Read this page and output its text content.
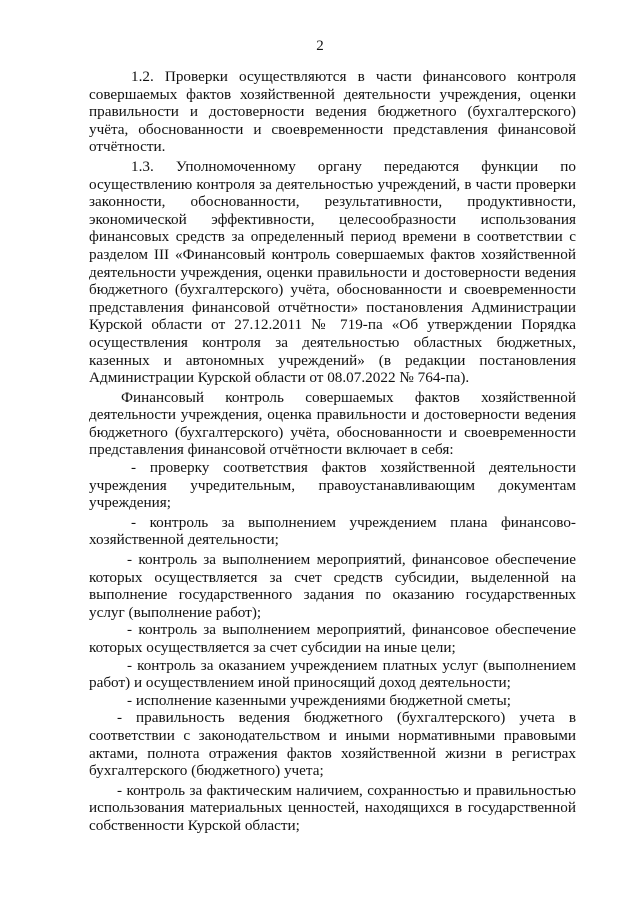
2

1.2. Проверки осуществляются в части финансового контроля совершаемых фактов хозяйственной деятельности учреждения, оценки правильности и достоверности ведения бюджетного (бухгалтерского) учёта, обоснованности и своевременности представления финансовой отчётности.

1.3. Уполномоченному органу передаются функции по осуществлению контроля за деятельностью учреждений, в части проверки законности, обоснованности, результативности, продуктивности, экономической эффективности, целесообразности использования финансовых средств за определенный период времени в соответствии с разделом III «Финансовый контроль совершаемых фактов хозяйственной деятельности учреждения, оценки правильности и достоверности ведения бюджетного (бухгалтерского) учёта, обоснованности и своевременности представления финансовой отчётности» постановления Администрации Курской области от 27.12.2011 № 719-па «Об утверждении Порядка осуществления контроля за деятельностью областных бюджетных, казенных и автономных учреждений» (в редакции постановления Администрации Курской области от 08.07.2022 № 764-па).

Финансовый контроль совершаемых фактов хозяйственной деятельности учреждения, оценка правильности и достоверности ведения бюджетного (бухгалтерского) учёта, обоснованности и своевременности представления финансовой отчётности включает в себя:

- проверку соответствия фактов хозяйственной деятельности учреждения учредительным, правоустанавливающим документам учреждения;

- контроль за выполнением учреждением плана финансово-хозяйственной деятельности;

- контроль за выполнением мероприятий, финансовое обеспечение которых осуществляется за счет средств субсидии, выделенной на выполнение государственного задания по оказанию государственных услуг (выполнение работ);

- контроль за выполнением мероприятий, финансовое обеспечение которых осуществляется за счет субсидии на иные цели;

- контроль за оказанием учреждением платных услуг (выполнением работ) и осуществлением иной приносящий доход деятельности;

- исполнение казенными учреждениями бюджетной сметы;

- правильность ведения бюджетного (бухгалтерского) учета в соответствии с законодательством и иными нормативными правовыми актами, полнота отражения фактов хозяйственной жизни в регистрах бухгалтерского (бюджетного) учета;

- контроль за фактическим наличием, сохранностью и правильностью использования материальных ценностей, находящихся в государственной собственности Курской области;
